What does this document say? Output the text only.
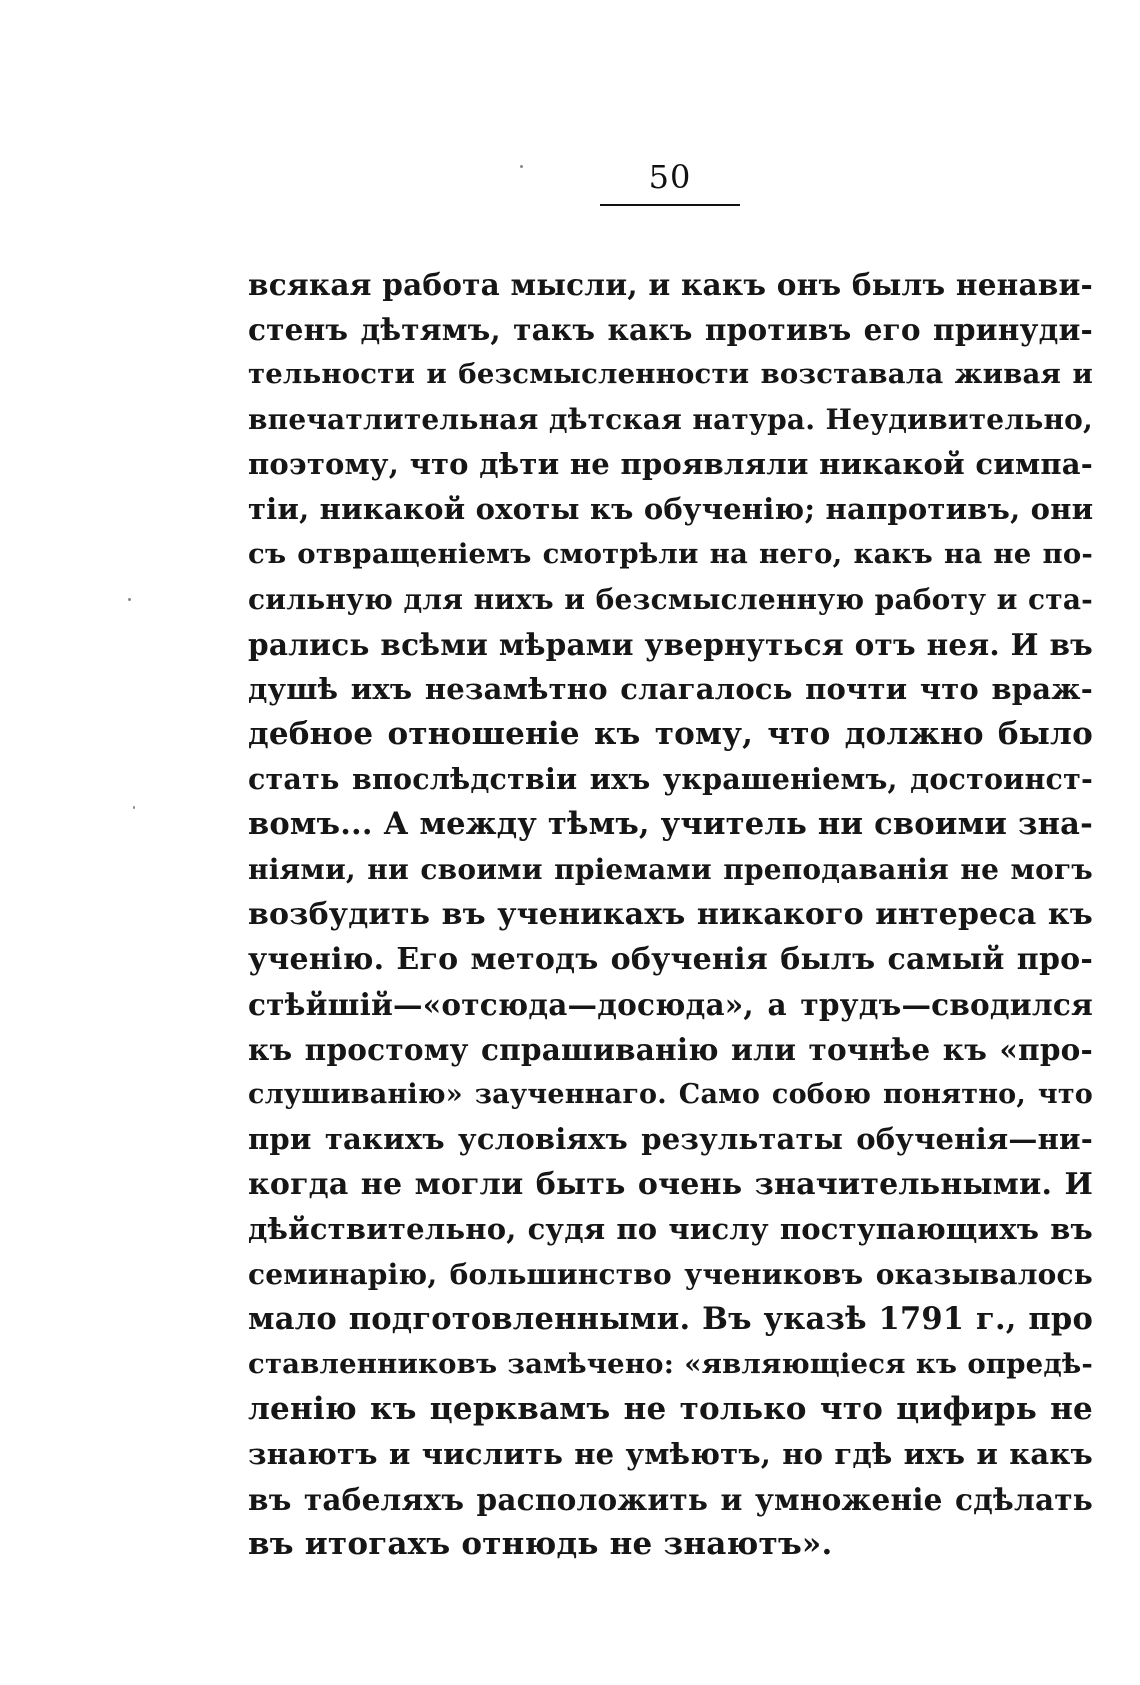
50
всякая работа мысли, и какъ онъ былъ ненави-
стенъ дѣтямъ, такъ какъ противъ его принуди-
тельности и безсмысленности возставала живая и
впечатлительная дѣтская натура. Неудивительно,
поэтому, что дѣти не проявляли никакой симпа-
тіи, никакой охоты къ обученію; напротивъ, они
съ отвращеніемъ смотрѣли на него, какъ на не по-
сильную для нихъ и безсмысленную работу и ста-
рались всѣми мѣрами увернуться отъ нея. И въ
душѣ ихъ незамѣтно слагалось почти что враж-
дебное отношеніе къ тому, что должно было
стать впослѣдствіи ихъ украшеніемъ, достоинст-
вомъ... А между тѣмъ, учитель ни своими зна-
ніями, ни своими пріемами преподаванія не могъ
возбудить въ ученикахъ никакого интереса къ
ученію. Его методъ обученія былъ самый про-
стѣйшій—«отсюда—досюда», а трудъ—сводился
къ простому спрашиванію или точнѣе къ «про-
слушиванію» заученнаго. Само собою понятно, что
при такихъ условіяхъ результаты обученія—ни-
когда не могли быть очень значительными. И
дѣйствительно, судя по числу поступающихъ въ
семинарію, большинство учениковъ оказывалось
мало подготовленными. Въ указѣ 1791 г., про
ставленниковъ замѣчено: «являющіеся къ опредѣ-
ленію къ церквамъ не только что цифирь не
знаютъ и числить не умѣютъ, но гдѣ ихъ и какъ
въ табеляхъ расположить и умноженіе сдѣлать
въ итогахъ отнюдь не знаютъ».
